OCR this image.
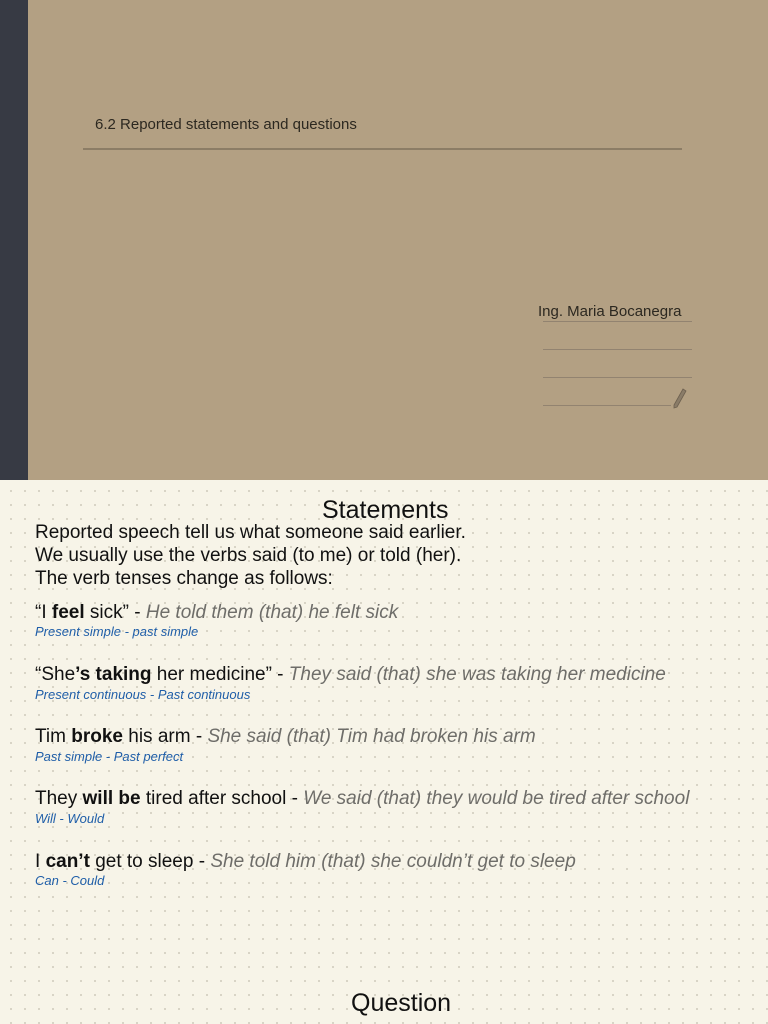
6.2 Reported statements and questions
Ing. Maria Bocanegra
Statements
Reported speech tell us what someone said earlier.
We usually use the verbs said (to me) or told (her).
The verb tenses change as follows:
“I feel sick” - He told them (that) he felt sick
Present simple - past simple
“She’s taking her medicine” - They said (that) she was taking her medicine
Present continuous - Past continuous
Tim broke his arm - She said (that) Tim had broken his arm
Past simple - Past perfect
They will be tired after school - We said (that) they would be tired after school
Will - Would
I can’t get to sleep - She told him (that) she couldn’t get to sleep
Can - Could
Question
